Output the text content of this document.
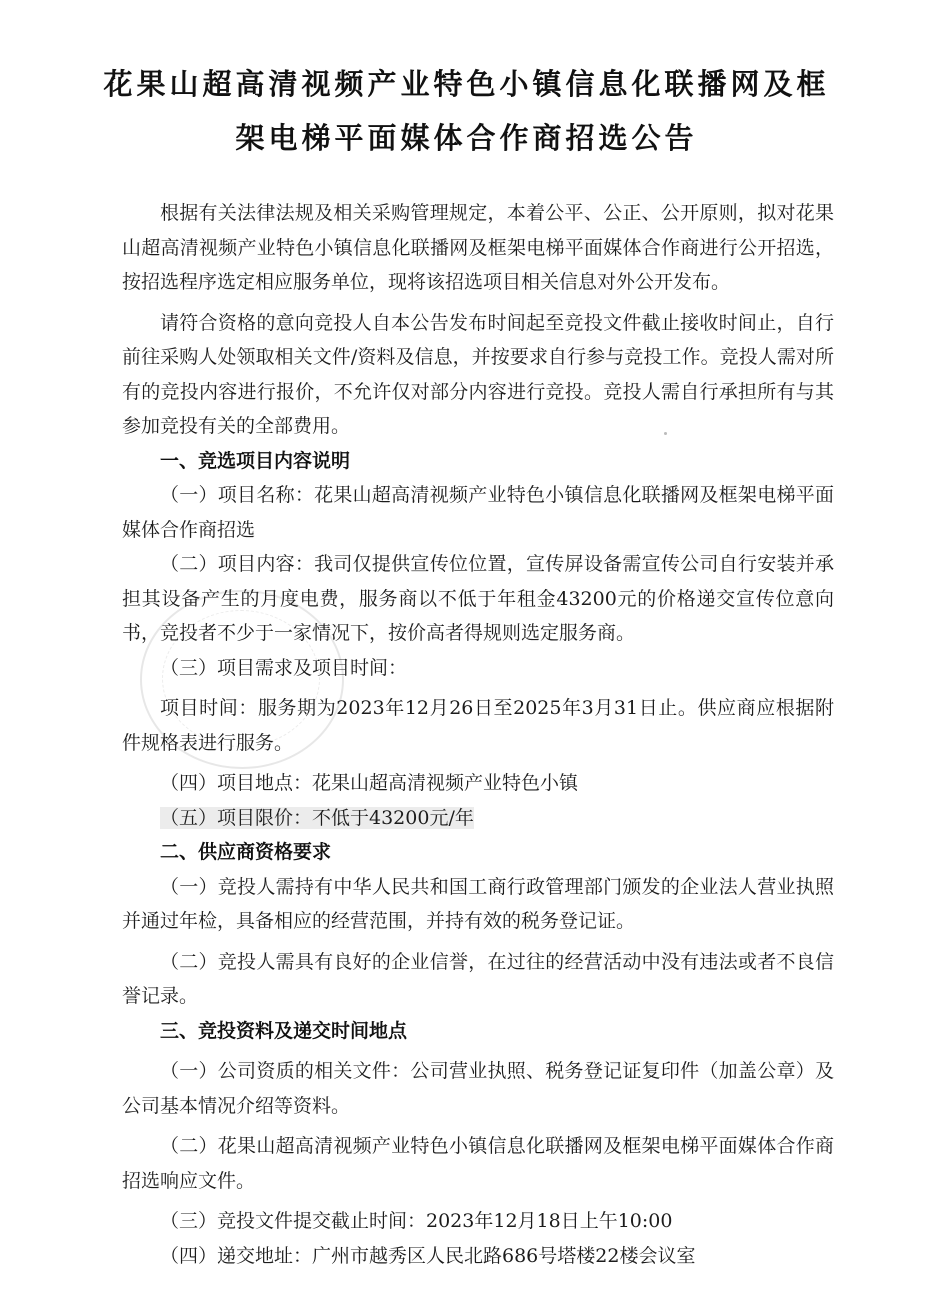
花果山超高清视频产业特色小镇信息化联播网及框
架电梯平面媒体合作商招选公告

根据有关法律法规及相关采购管理规定，本着公平、公正、公开原则，拟对花果山超高清视频产业特色小镇信息化联播网及框架电梯平面媒体合作商进行公开招选，按招选程序选定相应服务单位，现将该招选项目相关信息对外公开发布。

请符合资格的意向竞投人自本公告发布时间起至竞投文件截止接收时间止，自行前往采购人处领取相关文件/资料及信息，并按要求自行参与竞投工作。竞投人需对所有的竞投内容进行报价，不允许仅对部分内容进行竞投。竞投人需自行承担所有与其参加竞投有关的全部费用。

一、竞选项目内容说明

（一）项目名称：花果山超高清视频产业特色小镇信息化联播网及框架电梯平面媒体合作商招选

（二）项目内容：我司仅提供宣传位位置，宣传屏设备需宣传公司自行安装并承担其设备产生的月度电费，服务商以不低于年租金43200元的价格递交宣传位意向书，竞投者不少于一家情况下，按价高者得规则选定服务商。

（三）项目需求及项目时间：

项目时间：服务期为2023年12月26日至2025年3月31日止。供应商应根据附件规格表进行服务。

（四）项目地点：花果山超高清视频产业特色小镇

（五）项目限价：不低于43200元/年

二、供应商资格要求

（一）竞投人需持有中华人民共和国工商行政管理部门颁发的企业法人营业执照并通过年检，具备相应的经营范围，并持有效的税务登记证。

（二）竞投人需具有良好的企业信誉，在过往的经营活动中没有违法或者不良信誉记录。

三、竞投资料及递交时间地点

（一）公司资质的相关文件：公司营业执照、税务登记证复印件（加盖公章）及公司基本情况介绍等资料。

（二）花果山超高清视频产业特色小镇信息化联播网及框架电梯平面媒体合作商招选响应文件。

（三）竞投文件提交截止时间：2023年12月18日上午10:00

（四）递交地址：广州市越秀区人民北路686号塔楼22楼会议室
